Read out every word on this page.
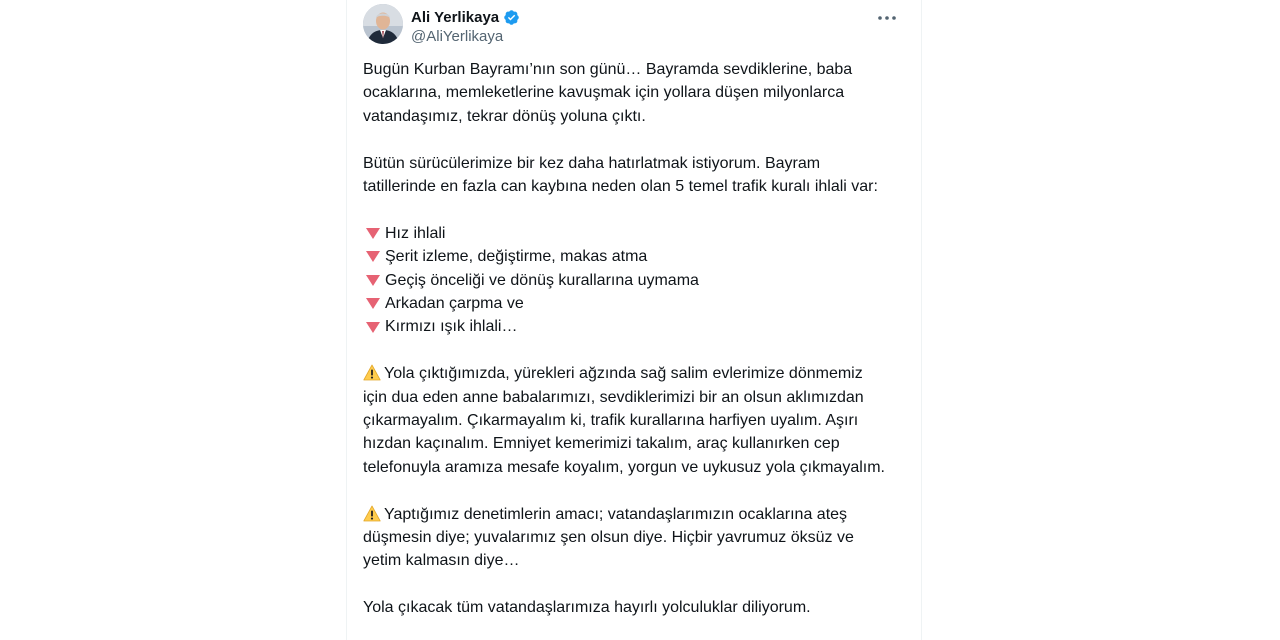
Ali Yerlikaya
@AliYerlikaya

Bugün Kurban Bayramı’nın son günü… Bayramda sevdiklerine, baba

ocaklarına, memleketlerine kavuşmak için yollara düşen milyonlarca

vatandaşımız, tekrar dönüş yoluna çıktı.

Bütün sürücülerimize bir kez daha hatırlatmak istiyorum. Bayram

tatillerinde en fazla can kaybına neden olan 5 temel trafik kuralı ihlali var:

Hız ihlali
Şerit izleme, değiştirme, makas atma
Geçiş önceliği ve dönüş kurallarına uymama
Arkadan çarpma ve
Kırmızı ışık ihlali…

Yola çıktığımızda, yürekleri ağzında sağ salim evlerimize dönmemiz

için dua eden anne babalarımızı, sevdiklerimizi bir an olsun aklımızdan

çıkarmayalım. Çıkarmayalım ki, trafik kurallarına harfiyen uyalım. Aşırı

hızdan kaçınalım. Emniyet kemerimizi takalım, araç kullanırken cep

telefonuyla aramıza mesafe koyalım, yorgun ve uykusuz yola çıkmayalım.

Yaptığımız denetimlerin amacı; vatandaşlarımızın ocaklarına ateş

düşmesin diye; yuvalarımız şen olsun diye. Hiçbir yavrumuz öksüz ve

yetim kalmasın diye…

Yola çıkacak tüm vatandaşlarımıza hayırlı yolculuklar diliyorum.
